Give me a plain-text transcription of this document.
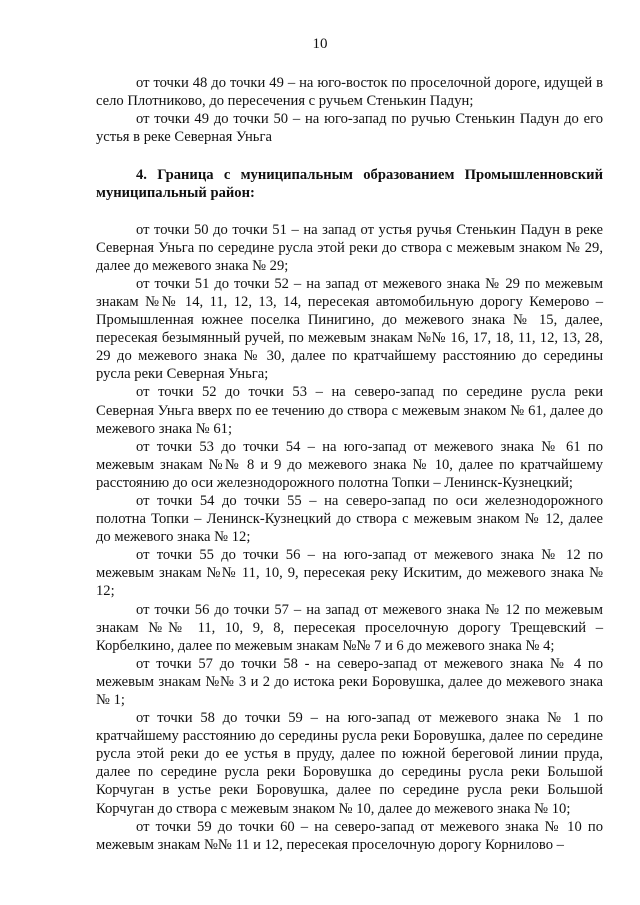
10

от точки 48 до точки 49 – на юго-восток по проселочной дороге, идущей в село Плотниково, до пересечения с ручьем Стенькин Падун;

от точки 49 до точки 50 – на юго-запад по ручью Стенькин Падун до его устья в реке Северная Уньга

4. Граница с муниципальным образованием Промышленновский муниципальный район:

от точки 50 до точки 51 – на запад от устья ручья Стенькин Падун в реке Северная Уньга по середине русла этой реки до створа с межевым знаком № 29, далее до межевого знака № 29;

от точки 51 до точки 52 – на запад от межевого знака № 29 по межевым знакам №№ 14, 11, 12, 13, 14, пересекая автомобильную дорогу Кемерово – Промышленная южнее поселка Пинигино, до межевого знака № 15, далее, пересекая безымянный ручей, по межевым знакам №№ 16, 17, 18, 11, 12, 13, 28, 29 до межевого знака № 30, далее по кратчайшему расстоянию до середины русла реки Северная Уньга;

от точки 52 до точки 53 – на северо-запад по середине русла реки Северная Уньга вверх по ее течению до створа с межевым знаком № 61, далее до межевого знака № 61;

от точки 53 до точки 54 – на юго-запад от межевого знака № 61 по межевым знакам №№ 8 и 9 до межевого знака № 10, далее по кратчайшему расстоянию до оси железнодорожного полотна Топки – Ленинск-Кузнецкий;

от точки 54 до точки 55 – на северо-запад по оси железнодорожного полотна Топки – Ленинск-Кузнецкий до створа с межевым знаком № 12, далее до межевого знака № 12;

от точки 55 до точки 56 – на юго-запад от межевого знака № 12 по межевым знакам №№ 11, 10, 9, пересекая реку Искитим, до межевого знака № 12;

от точки 56 до точки 57 – на запад от межевого знака № 12 по межевым знакам №№ 11, 10, 9, 8, пересекая проселочную дорогу Трещевский – Корбелкино, далее по межевым знакам №№ 7 и 6 до межевого знака № 4;

от точки 57 до точки 58 - на северо-запад от межевого знака № 4 по межевым знакам №№ 3 и 2 до истока реки Боровушка, далее до межевого знака № 1;

от точки 58 до точки 59 – на юго-запад от межевого знака № 1 по кратчайшему расстоянию до середины русла реки Боровушка, далее по середине русла этой реки до ее устья в пруду, далее по южной береговой линии пруда, далее по середине русла реки Боровушка до середины русла реки Большой Корчуган в устье реки Боровушка, далее по середине русла реки Большой Корчуган до створа с межевым знаком № 10, далее до межевого знака № 10;

от точки 59 до точки 60 – на северо-запад от межевого знака № 10 по межевым знакам №№ 11 и 12, пересекая проселочную дорогу Корнилово –
